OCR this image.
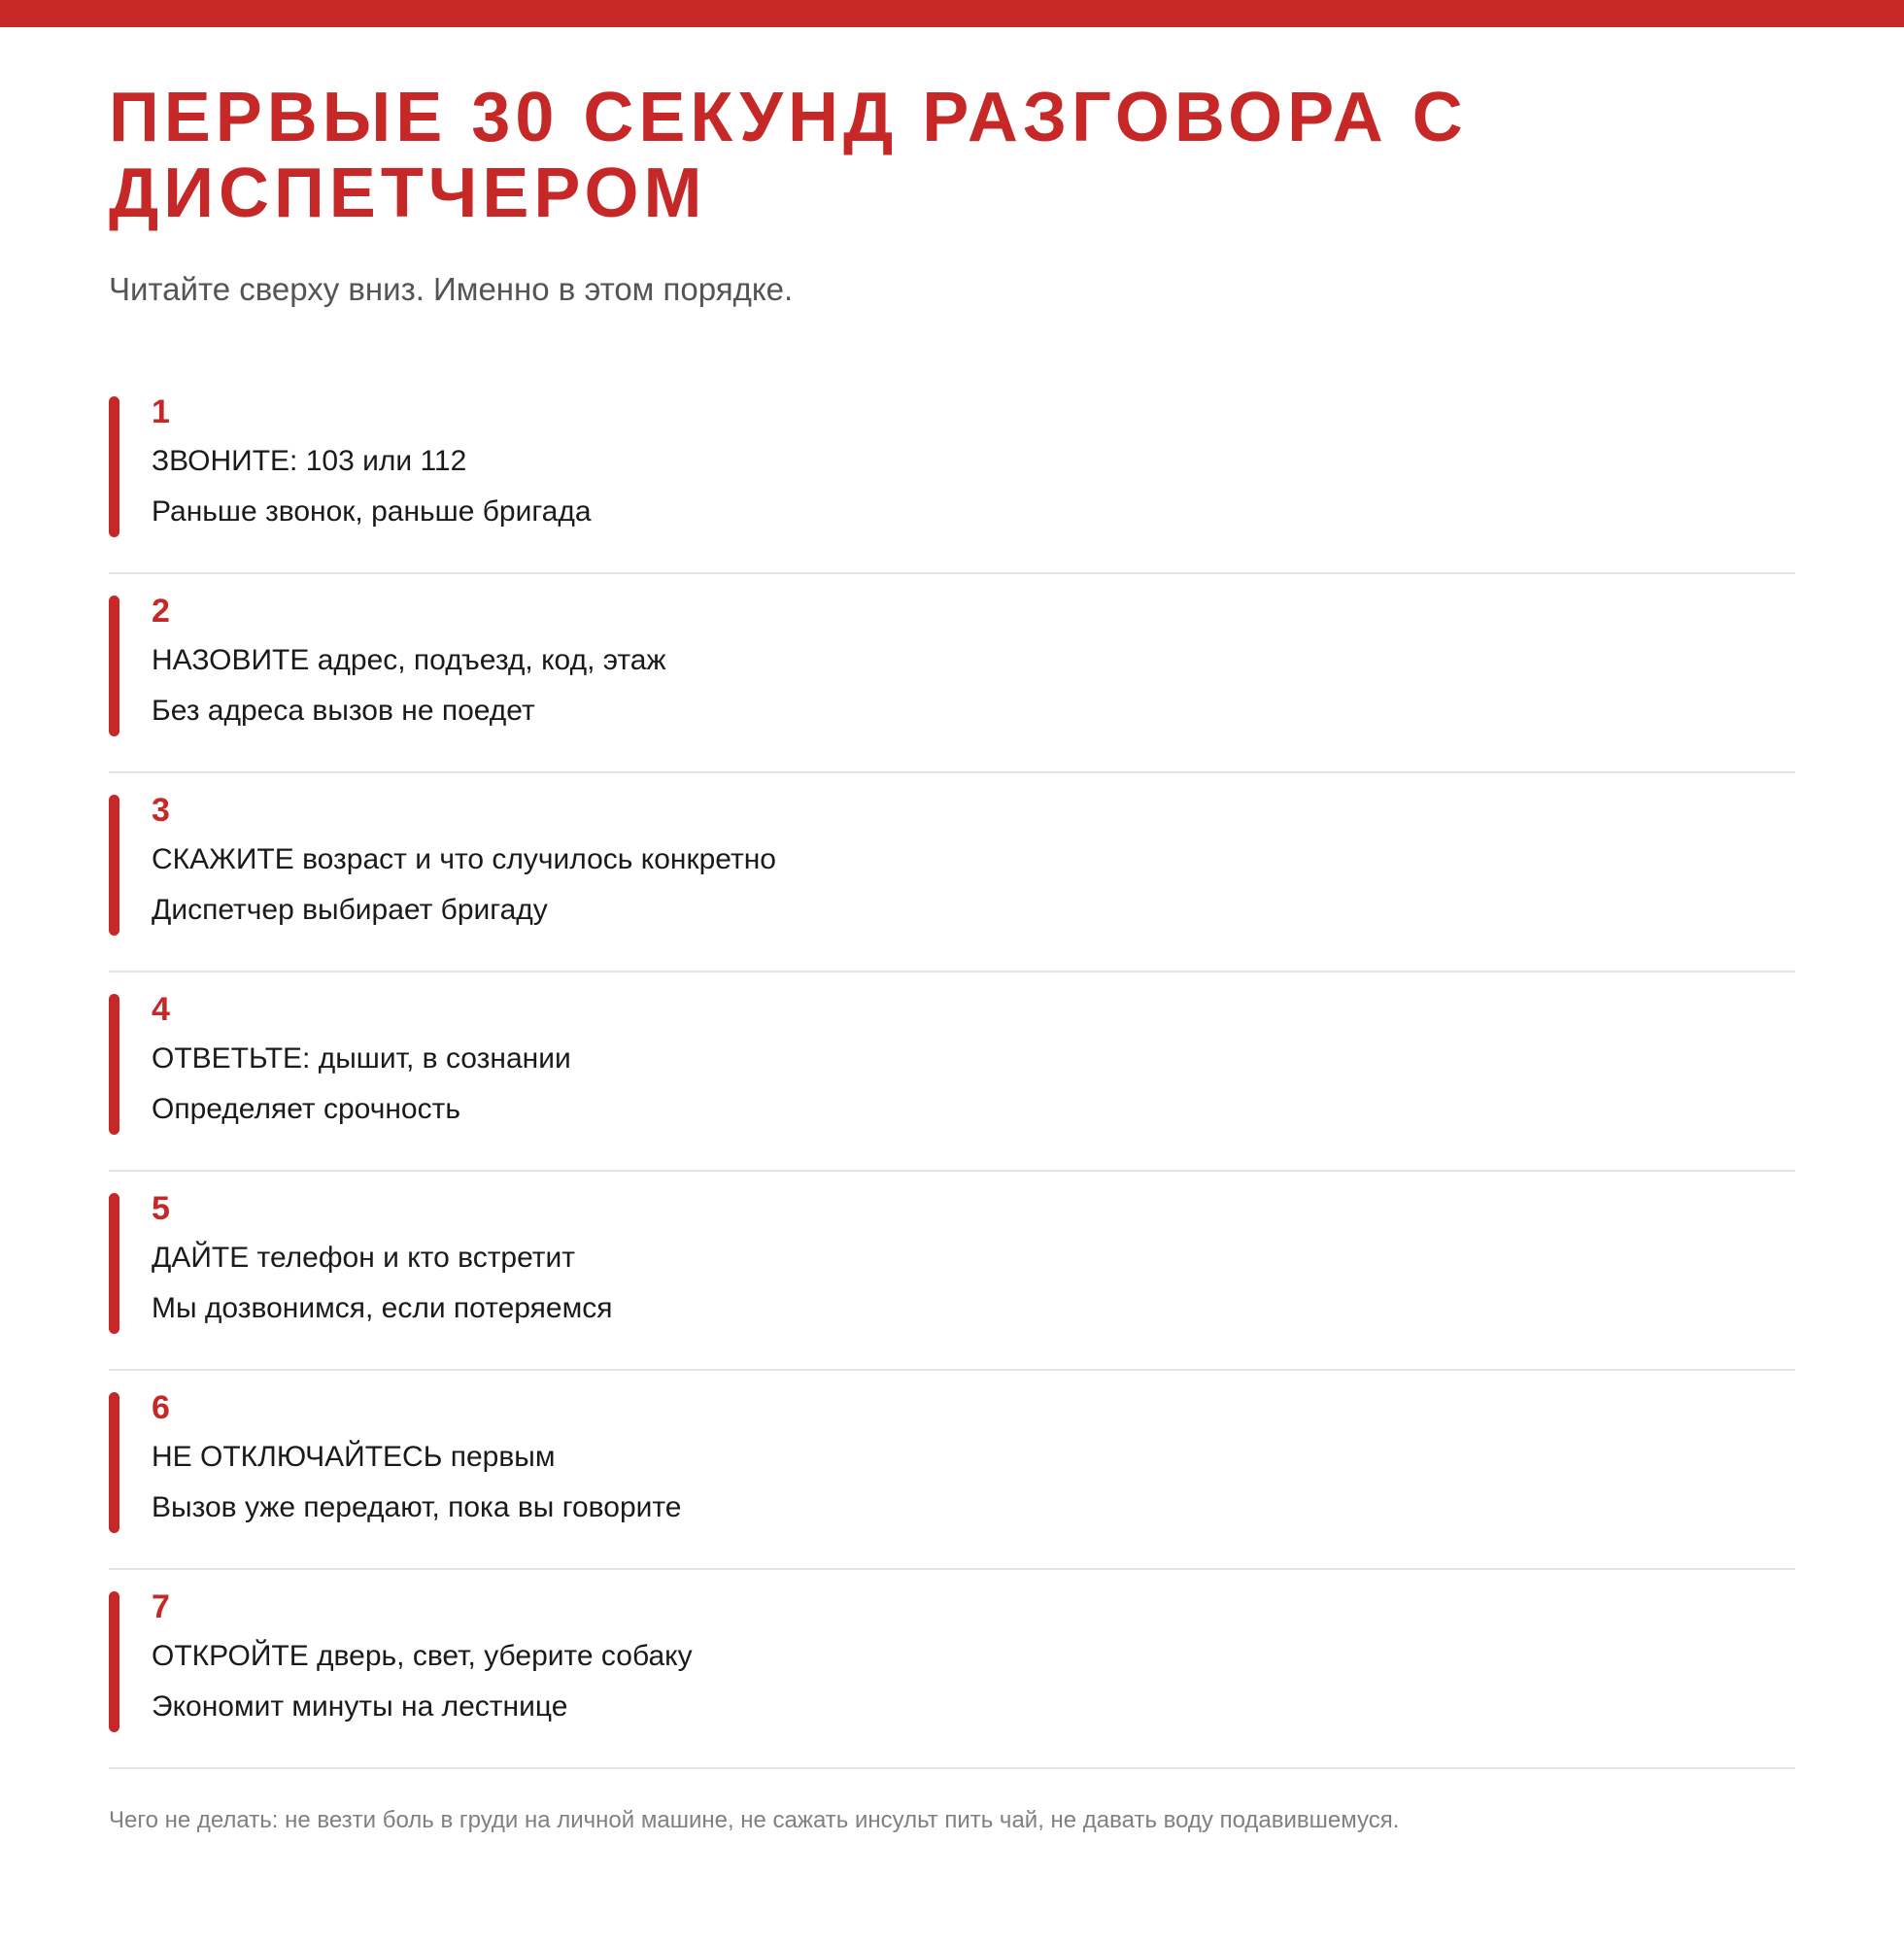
ПЕРВЫЕ 30 СЕКУНД РАЗГОВОРА С ДИСПЕТЧЕРОМ
Читайте сверху вниз. Именно в этом порядке.
1
ЗВОНИТЕ: 103 или 112
Раньше звонок, раньше бригада
2
НАЗОВИТЕ адрес, подъезд, код, этаж
Без адреса вызов не поедет
3
СКАЖИТЕ возраст и что случилось конкретно
Диспетчер выбирает бригаду
4
ОТВЕТЬТЕ: дышит, в сознании
Определяет срочность
5
ДАЙТЕ телефон и кто встретит
Мы дозвонимся, если потеряемся
6
НЕ ОТКЛЮЧАЙТЕСЬ первым
Вызов уже передают, пока вы говорите
7
ОТКРОЙТЕ дверь, свет, уберите собаку
Экономит минуты на лестнице
Чего не делать: не везти боль в груди на личной машине, не сажать инсульт пить чай, не давать воду подавившемуся.
